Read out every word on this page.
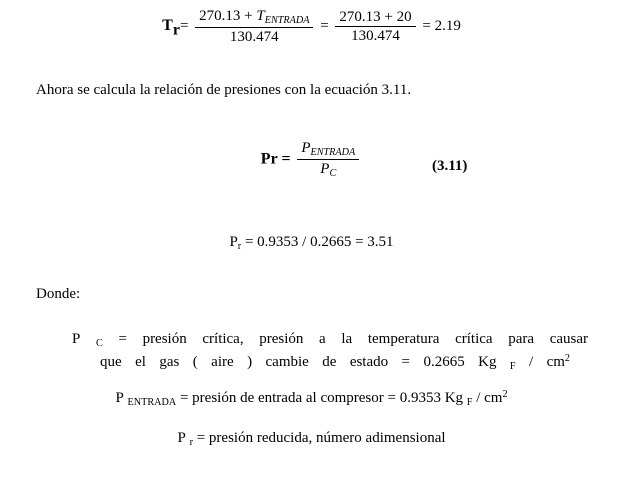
$Tr= \frac{270.13 + T_{ENTRADA}}{130.474} = \frac{270.13 + 20}{130.474} = 2.19$
Ahora se calcula la relación de presiones con la ecuación 3.11.
$Pr = \frac{P_{ENTRADA}}{P_C}$	(3.11)
$P_r = 0.9353 / 0.2665 = 3.51$
Donde:
P $_C$ = presión crítica, presión a la temperatura crítica para causar
que el gas ( aire ) cambie de estado = 0.2665 Kg $_F / cm^2$
P $_{ENTRADA}$ = presión de entrada al compresor = 0.9353 Kg $_F / cm^2$
P $_r$ = presión reducida, número adimensional
